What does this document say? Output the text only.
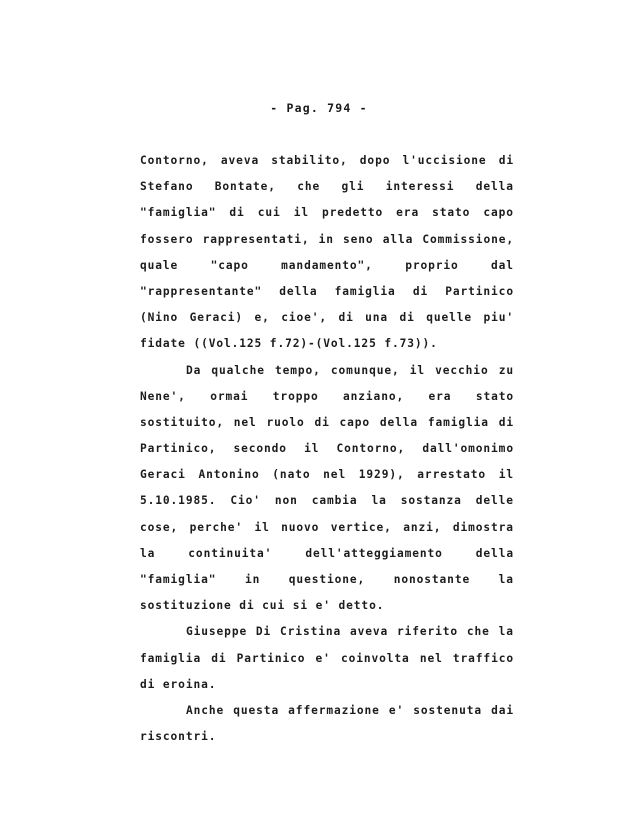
- Pag. 794 -
Contorno, aveva stabilito, dopo l'uccisione di
Stefano Bontate, che gli interessi della
"famiglia" di cui il predetto era stato capo
fossero rappresentati, in seno alla Commissione,
quale	"capo	mandamento",	proprio	dal
"rappresentante" della famiglia di Partinico
(Nino Geraci) e, cioe', di una di quelle piu'
fidate ((Vol.125 f.72)-(Vol.125 f.73)).
Da qualche tempo, comunque, il vecchio zu
Nene', ormai troppo anziano, era stato
sostituito, nel ruolo di capo della famiglia di
Partinico, secondo il Contorno, dall'omonimo
Geraci Antonino (nato nel 1929), arrestato il
5.10.1985. Cio' non cambia la sostanza delle
cose, perche' il nuovo vertice, anzi, dimostra
la	continuita'	dell'atteggiamento	della
"famiglia"	in	questione,	nonostante	la
sostituzione di cui si e' detto.
Giuseppe Di Cristina aveva riferito che la
famiglia di Partinico e' coinvolta nel traffico
di eroina.
Anche questa affermazione e' sostenuta dai
riscontri.
